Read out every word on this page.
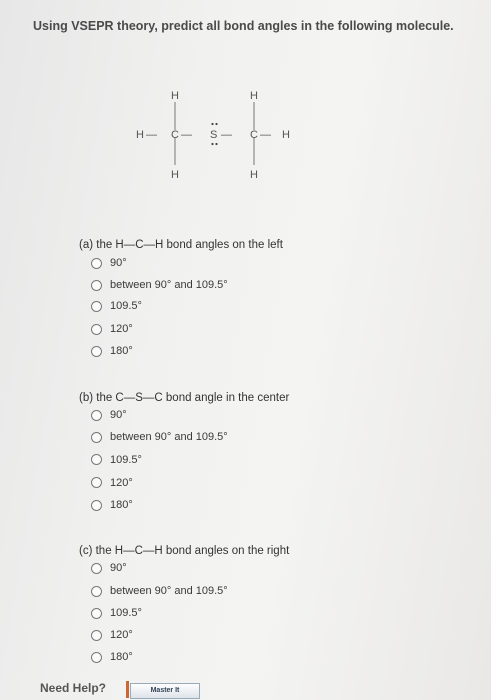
Using VSEPR theory, predict all bond angles in the following molecule.
H — C — S — C — H
H	H
H	H
(a) the H—C—H bond angles on the left
90°
between 90° and 109.5°
109.5°
120°
180°
(b) the C—S—C bond angle in the center
90°
between 90° and 109.5°
109.5°
120°
180°
(c) the H—C—H bond angles on the right
90°
between 90° and 109.5°
109.5°
120°
180°
Need Help?	Master It
